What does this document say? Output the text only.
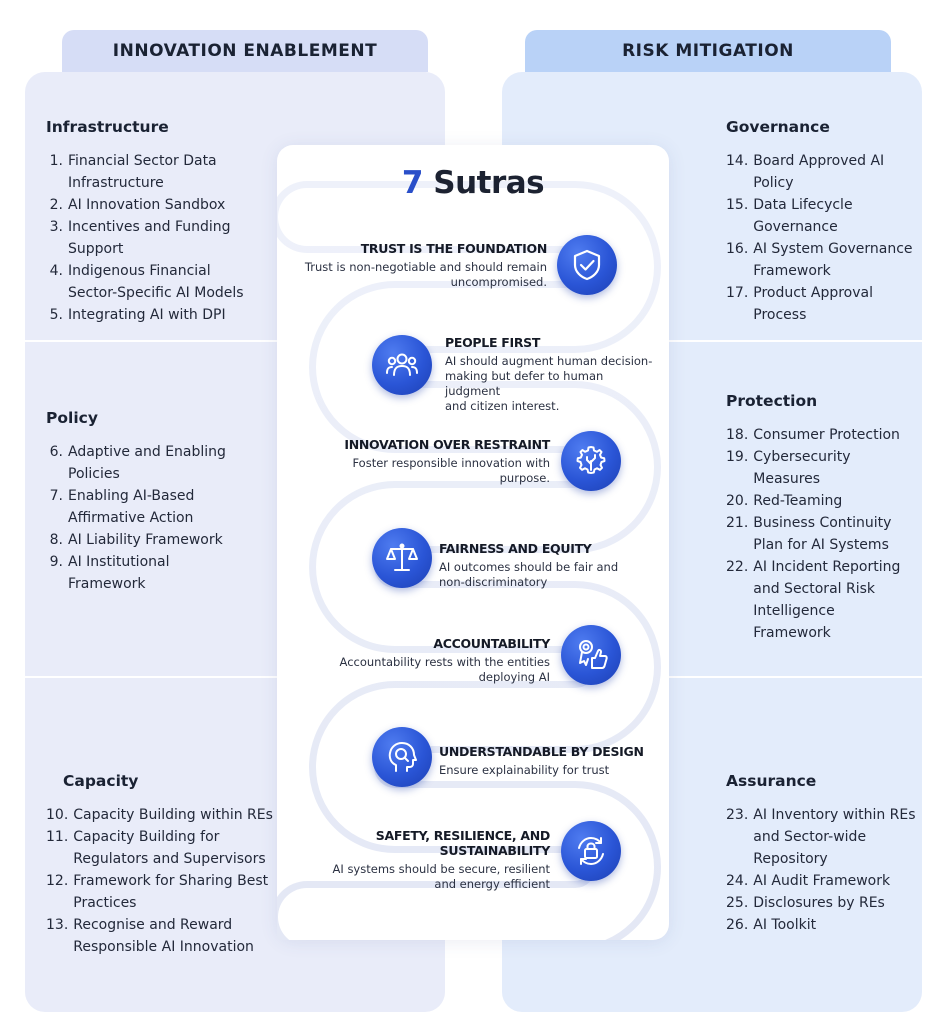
INNOVATION ENABLEMENT	RISK MITIGATION
Infrastructure
1. Financial Sector Data
Infrastructure
2. AI Innovation Sandbox
3. Incentives and Funding
Support
4. Indigenous Financial
Sector-Specific AI Models
5. Integrating AI with DPI
Policy
6. Adaptive and Enabling
Policies
7. Enabling AI-Based
Affirmative Action
8. AI Liability Framework
9. AI Institutional
Framework
Capacity
10. Capacity Building within REs
11. Capacity Building for
Regulators and Supervisors
12. Framework for Sharing Best
Practices
13. Recognise and Reward
Responsible AI Innovation
Governance
14. Board Approved AI
Policy
15. Data Lifecycle
Governance
16. AI System Governance
Framework
17. Product Approval
Process
Protection
18. Consumer Protection
19. Cybersecurity
Measures
20. Red-Teaming
21. Business Continuity
Plan for AI Systems
22. AI Incident Reporting
and Sectoral Risk
Intelligence
Framework
Assurance
23. AI Inventory within REs
and Sector-wide
Repository
24. AI Audit Framework
25. Disclosures by REs
26. AI Toolkit
7 Sutras
TRUST IS THE FOUNDATION
Trust is non-negotiable and should remain
uncompromised.
PEOPLE FIRST
AI should augment human decision-
making but defer to human judgment
and citizen interest.
INNOVATION OVER RESTRAINT
Foster responsible innovation with
purpose.
FAIRNESS AND EQUITY
AI outcomes should be fair and
non-discriminatory
ACCOUNTABILITY
Accountability rests with the entities
deploying AI
UNDERSTANDABLE BY DESIGN
Ensure explainability for trust
SAFETY, RESILIENCE, AND SUSTAINABILITY
AI systems should be secure, resilient
and energy efficient
